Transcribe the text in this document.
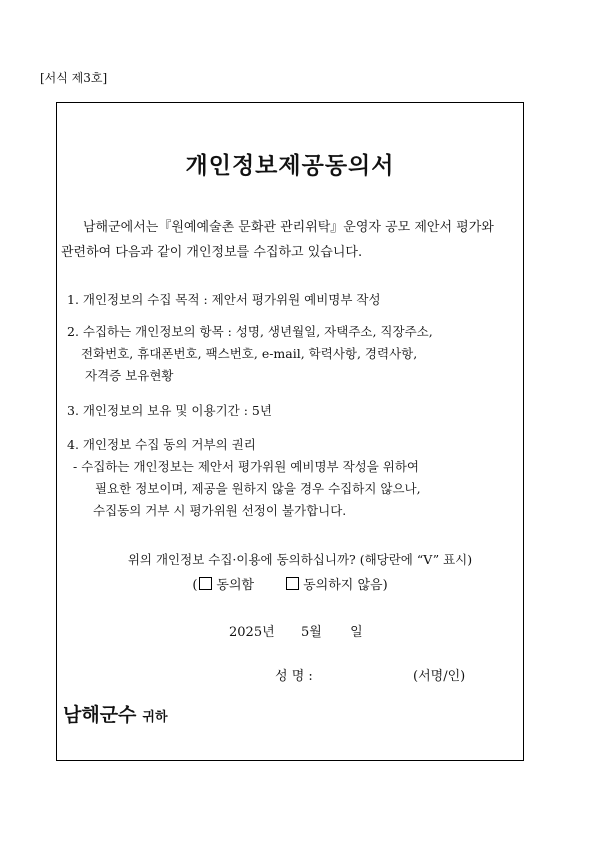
[서식 제3호]
개인정보제공동의서
남해군에서는『원예예술촌 문화관 관리위탁』운영자 공모 제안서 평가와
관련하여 다음과 같이 개인정보를 수집하고 있습니다.
1. 개인정보의 수집 목적 : 제안서 평가위원 예비명부 작성
2. 수집하는 개인정보의 항목 : 성명, 생년월일, 자택주소, 직장주소,
전화번호, 휴대폰번호, 팩스번호, e-mail, 학력사항, 경력사항,
자격증 보유현황
3. 개인정보의 보유 및 이용기간 : 5년
4. 개인정보 수집 동의 거부의 권리
- 수집하는 개인정보는 제안서 평가위원 예비명부 작성을 위하여
필요한 정보이며, 제공을 원하지 않을 경우 수집하지 않으나,
수집동의 거부 시 평가위원 선정이 불가합니다.
위의 개인정보 수집·이용에 동의하십니까? (해당란에 “V” 표시)
( 동의함	동의하지 않음)
2025년 5월 일
성 명 :	(서명/인)
남해군수 귀하
